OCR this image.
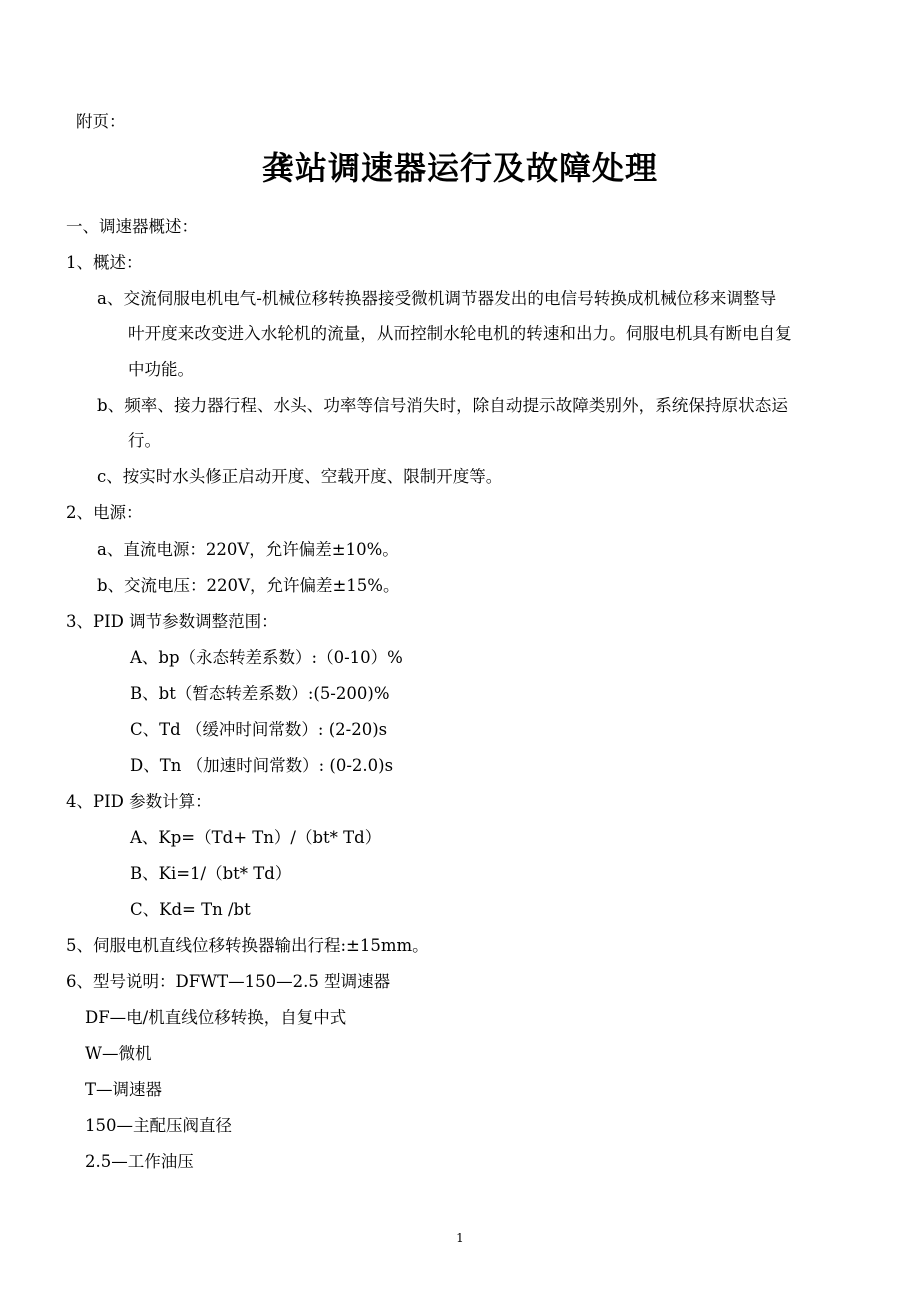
附页：
龚站调速器运行及故障处理
一、调速器概述：
1、概述：
a、交流伺服电机电气-机械位移转换器接受微机调节器发出的电信号转换成机械位移来调整导
叶开度来改变进入水轮机的流量，从而控制水轮电机的转速和出力。伺服电机具有断电自复
中功能。
b、频率、接力器行程、水头、功率等信号消失时，除自动提示故障类别外，系统保持原状态运
行。
c、按实时水头修正启动开度、空载开度、限制开度等。
2、电源：
a、直流电源：220V，允许偏差±10%。
b、交流电压：220V，允许偏差±15%。
3、PID 调节参数调整范围：
A、bp（永态转差系数）:（0-10）%
B、bt（暂态转差系数）:(5-200)%
C、Td （缓冲时间常数）: (2-20)s
D、Tn （加速时间常数）: (0-2.0)s
4、PID 参数计算：
A、Kp=（Td+ Tn）/（bt* Td）
B、Ki=1/（bt* Td）
C、Kd= Tn /bt
5、伺服电机直线位移转换器输出行程:±15mm。
6、型号说明：DFWT—150—2.5 型调速器
DF—电/机直线位移转换，自复中式
W—微机
T—调速器
150—主配压阀直径
2.5—工作油压
1
